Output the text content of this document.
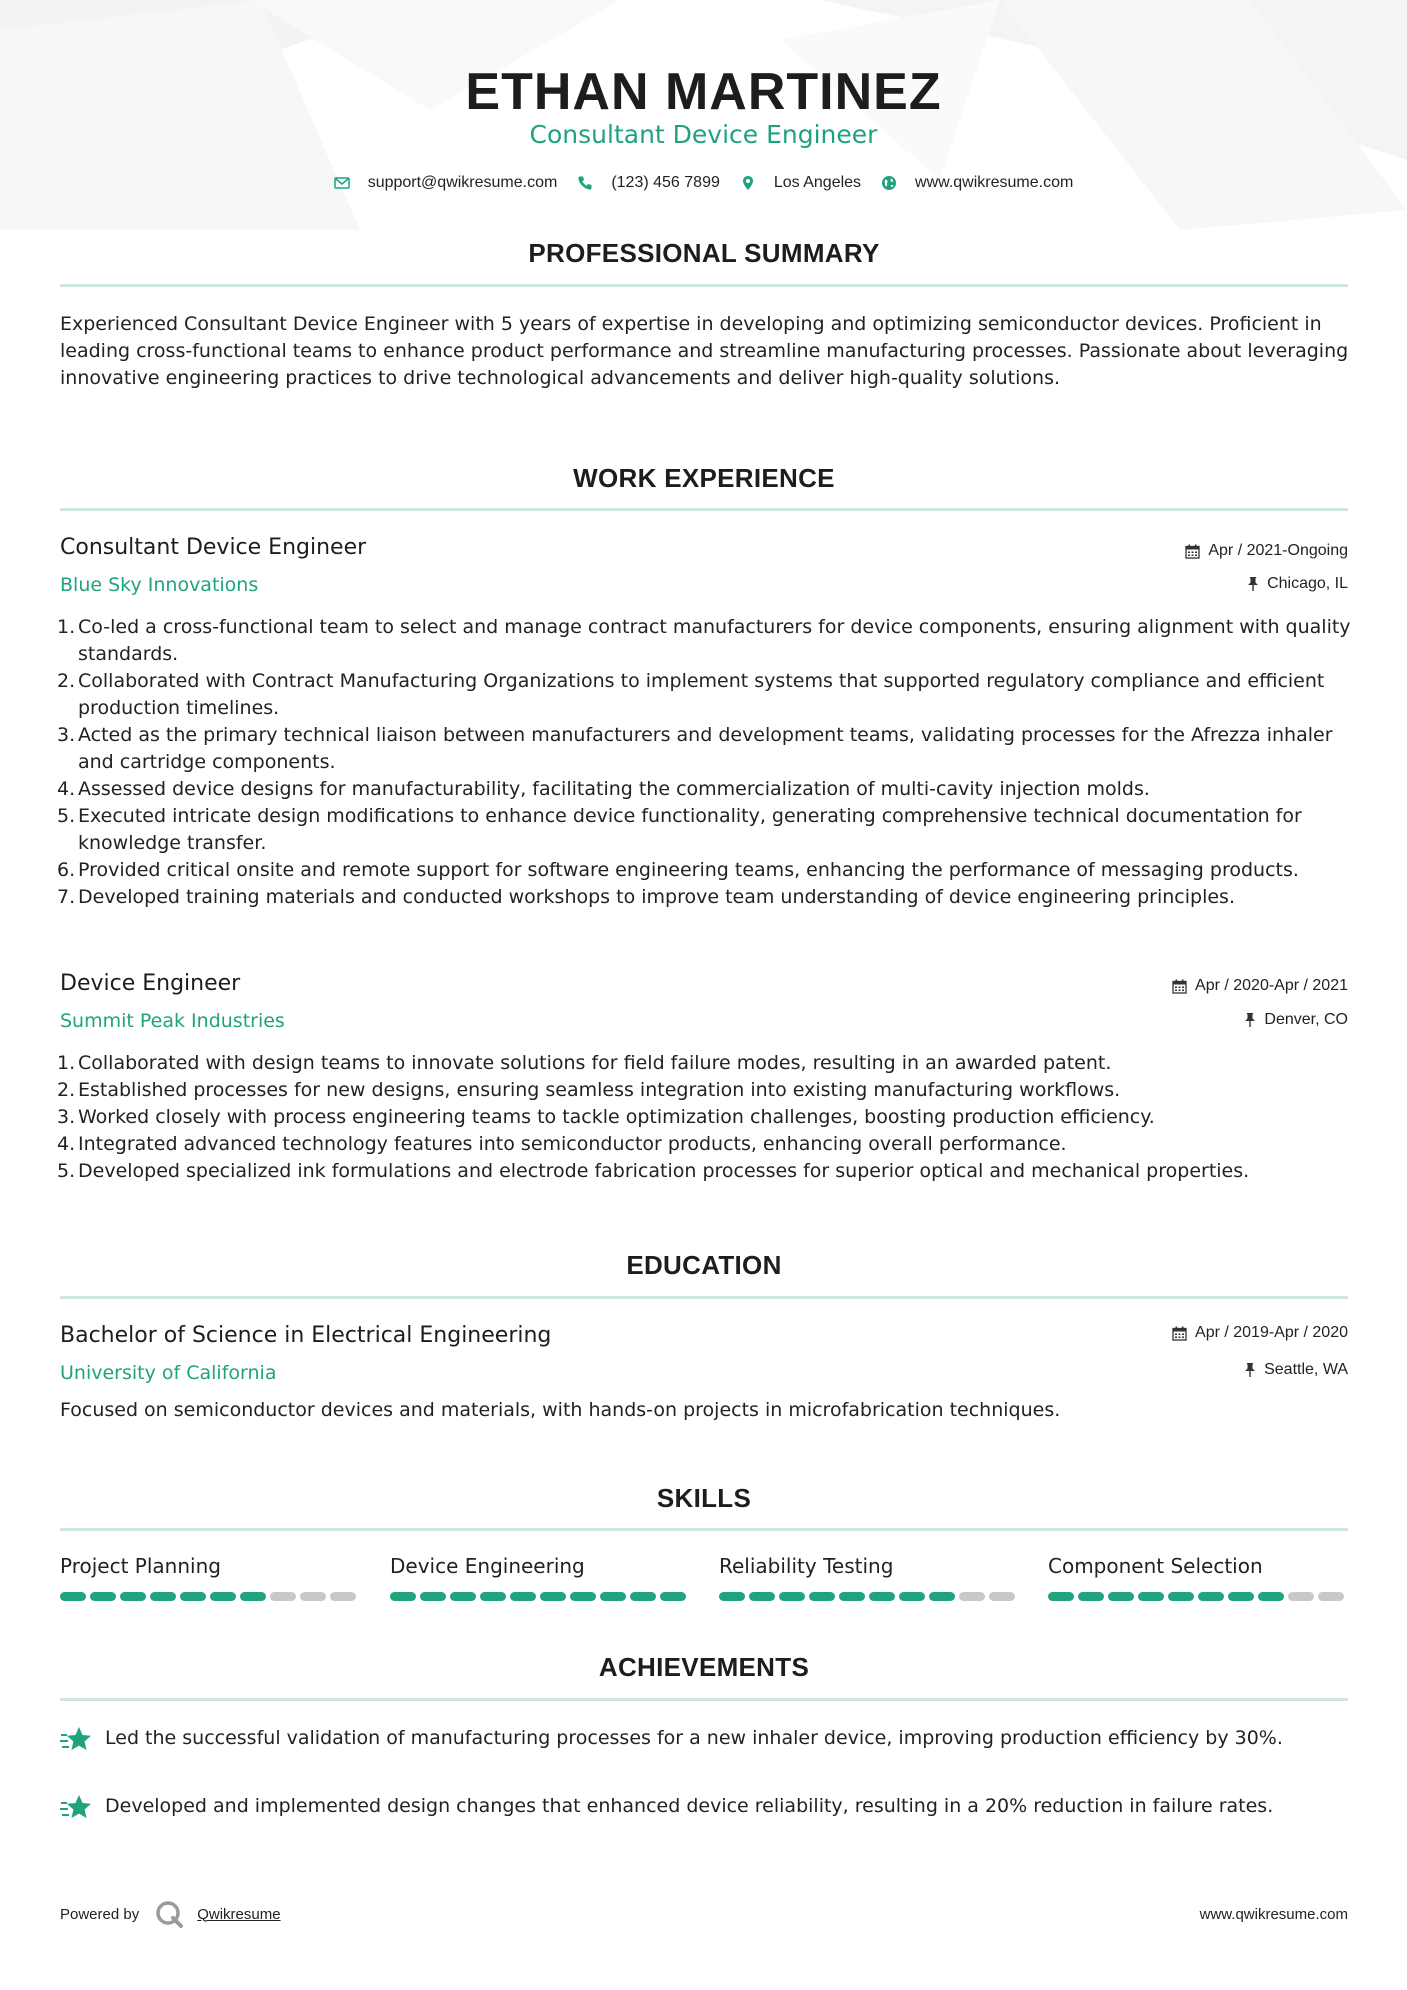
ETHAN MARTINEZ
Consultant Device Engineer
support@qwikresume.com	(123) 456 7899	Los Angeles	www.qwikresume.com
PROFESSIONAL SUMMARY
Experienced Consultant Device Engineer with 5 years of expertise in developing and optimizing semiconductor devices. Proficient in leading cross-functional teams to enhance product performance and streamline manufacturing processes. Passionate about leveraging innovative engineering practices to drive technological advancements and deliver high-quality solutions.
WORK EXPERIENCE
Consultant Device Engineer	Apr / 2021-Ongoing
Blue Sky Innovations	Chicago, IL
1. Co-led a cross-functional team to select and manage contract manufacturers for device components, ensuring alignment with quality standards.
2. Collaborated with Contract Manufacturing Organizations to implement systems that supported regulatory compliance and efficient production timelines.
3. Acted as the primary technical liaison between manufacturers and development teams, validating processes for the Afrezza inhaler and cartridge components.
4. Assessed device designs for manufacturability, facilitating the commercialization of multi-cavity injection molds.
5. Executed intricate design modifications to enhance device functionality, generating comprehensive technical documentation for knowledge transfer.
6. Provided critical onsite and remote support for software engineering teams, enhancing the performance of messaging products.
7. Developed training materials and conducted workshops to improve team understanding of device engineering principles.
Device Engineer	Apr / 2020-Apr / 2021
Summit Peak Industries	Denver, CO
1. Collaborated with design teams to innovate solutions for field failure modes, resulting in an awarded patent.
2. Established processes for new designs, ensuring seamless integration into existing manufacturing workflows.
3. Worked closely with process engineering teams to tackle optimization challenges, boosting production efficiency.
4. Integrated advanced technology features into semiconductor products, enhancing overall performance.
5. Developed specialized ink formulations and electrode fabrication processes for superior optical and mechanical properties.
EDUCATION
Bachelor of Science in Electrical Engineering	Apr / 2019-Apr / 2020
University of California	Seattle, WA
Focused on semiconductor devices and materials, with hands-on projects in microfabrication techniques.
SKILLS
Project Planning	Device Engineering	Reliability Testing	Component Selection
ACHIEVEMENTS
Led the successful validation of manufacturing processes for a new inhaler device, improving production efficiency by 30%.
Developed and implemented design changes that enhanced device reliability, resulting in a 20% reduction in failure rates.
Powered by	Qwikresume	www.qwikresume.com
